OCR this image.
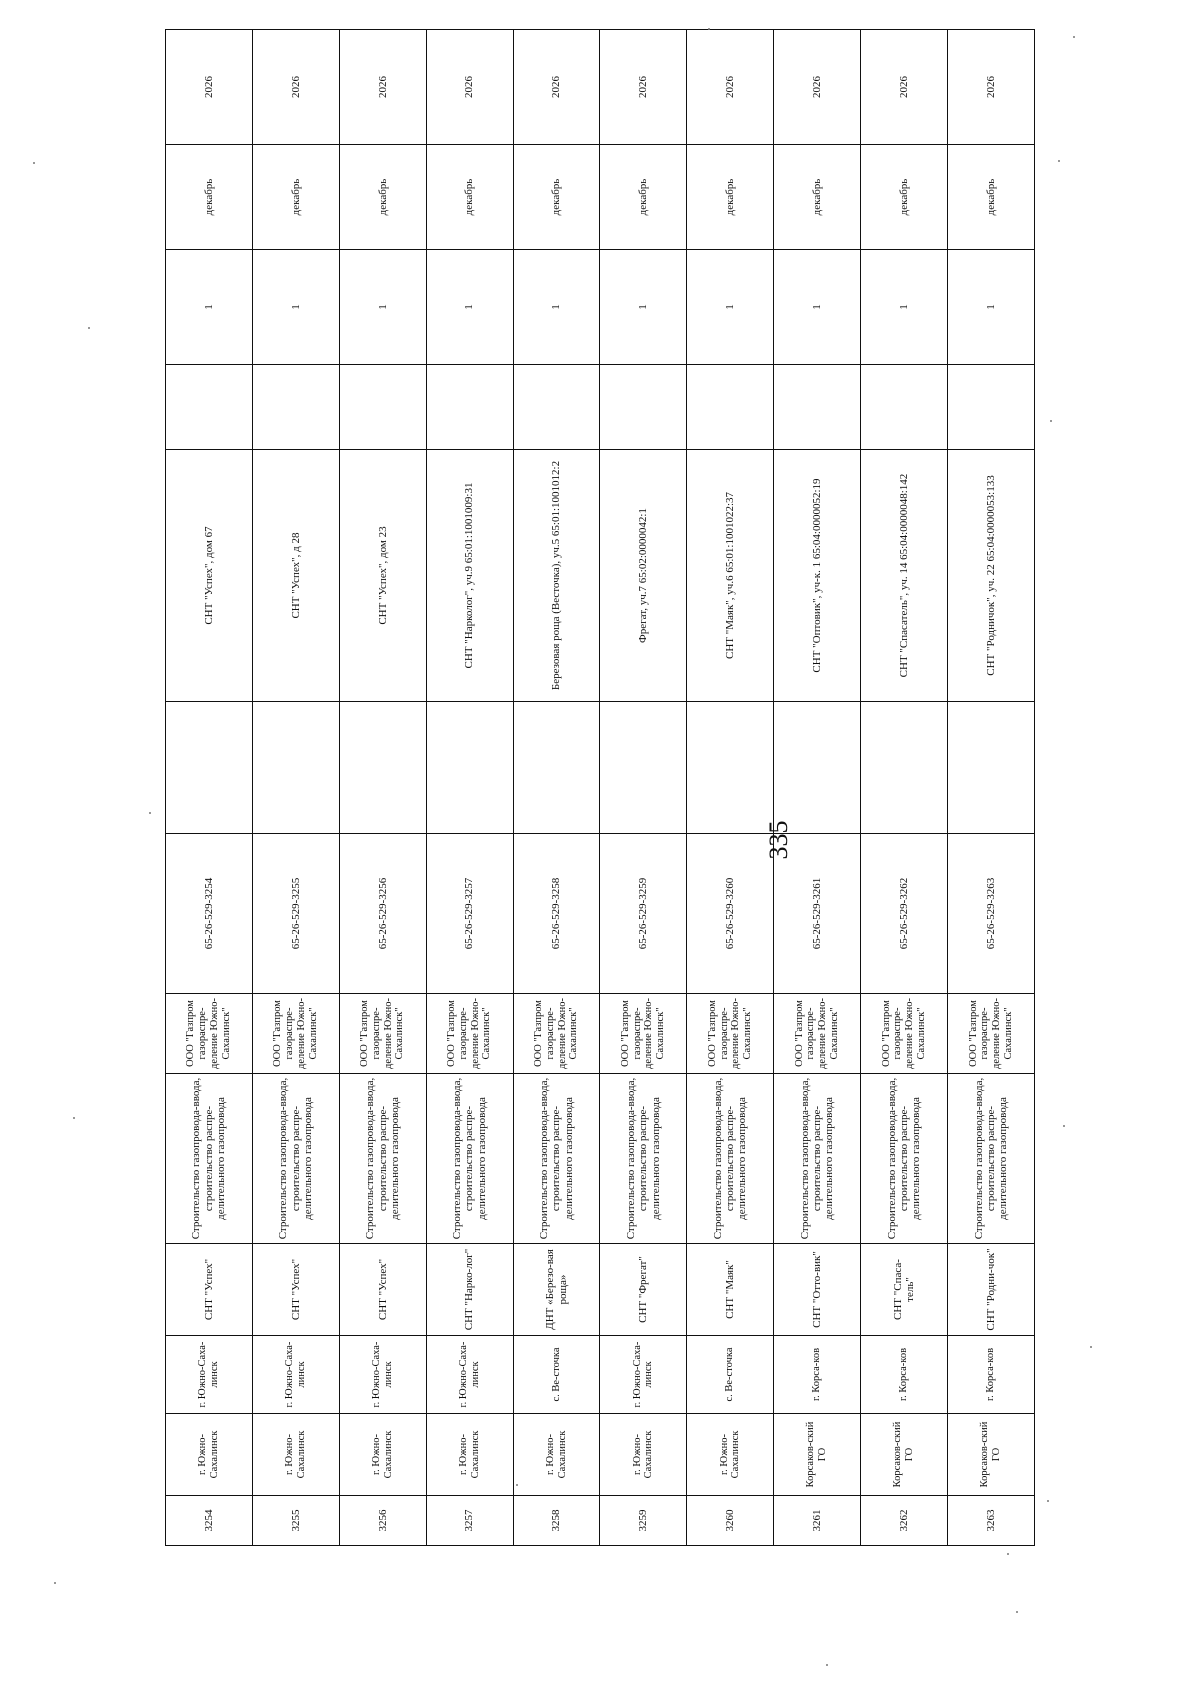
335
3254	г. Южно-Сахалинск	г. Южно-Саха-линск	СНТ "Успех"	Строительство газопровода-ввода, строительство распре-делительного газопровода	ООО "Газпром газораспре-деление Южно-Сахалинск"	65-26-529-3254		СНТ "Успех", дом 67		1	декабрь	2026
3255	г. Южно-Сахалинск	г. Южно-Саха-линск	СНТ "Успех"	Строительство газопровода-ввода, строительство распре-делительного газопровода	ООО "Газпром газораспре-деление Южно-Сахалинск"	65-26-529-3255		СНТ "Успех", д 28		1	декабрь	2026
3256	г. Южно-Сахалинск	г. Южно-Саха-линск	СНТ "Успех"	Строительство газопровода-ввода, строительство распре-делительного газопровода	ООО "Газпром газораспре-деление Южно-Сахалинск"	65-26-529-3256		СНТ "Успех", дом 23		1	декабрь	2026
3257	г. Южно-Сахалинск	г. Южно-Саха-линск	СНТ "Нарко-лог"	Строительство газопровода-ввода, строительство распре-делительного газопровода	ООО "Газпром газораспре-деление Южно-Сахалинск"	65-26-529-3257		СНТ "Нарколог", уч.9 65:01:1001009:31		1	декабрь	2026
3258	г. Южно-Сахалинск	с. Ве-сточка	ДНТ «Березо-вая роща»	Строительство газопровода-ввода, строительство распре-делительного газопровода	ООО "Газпром газораспре-деление Южно-Сахалинск"	65-26-529-3258		Березовая роща (Весточка), уч.5 65:01:1001012:2		1	декабрь	2026
3259	г. Южно-Сахалинск	г. Южно-Саха-линск	СНТ "Фрегат"	Строительство газопровода-ввода, строительство распре-делительного газопровода	ООО "Газпром газораспре-деление Южно-Сахалинск"	65-26-529-3259		Фрегат, уч.7 65:02:0000042:1		1	декабрь	2026
3260	г. Южно-Сахалинск	с. Ве-сточка	СНТ "Маяк"	Строительство газопровода-ввода, строительство распре-делительного газопровода	ООО "Газпром газораспре-деление Южно-Сахалинск"	65-26-529-3260		СНТ "Маяк", уч.6 65:01:1001022:37		1	декабрь	2026
3261	Корсаков-ский ГО	г. Корса-ков	СНТ "Отто-вик"	Строительство газопровода-ввода, строительство распре-делительного газопровода	ООО "Газпром газораспре-деление Южно-Сахалинск"	65-26-529-3261		СНТ "Оптовик", уч-к. 1 65:04:0000052:19		1	декабрь	2026
3262	Корсаков-ский ГО	г. Корса-ков	СНТ "Спаса-тель"	Строительство газопровода-ввода, строительство распре-делительного газопровода	ООО "Газпром газораспре-деление Южно-Сахалинск"	65-26-529-3262		СНТ "Спасатель", уч. 14 65:04:0000048:142		1	декабрь	2026
3263	Корсаков-ский ГО	г. Корса-ков	СНТ "Родни-чок"	Строительство газопровода-ввода, строительство распре-делительного газопровода	ООО "Газпром газораспре-деление Южно-Сахалинск"	65-26-529-3263		СНТ "Родничок", уч. 22 65:04:0000053:133		1	декабрь	2026
